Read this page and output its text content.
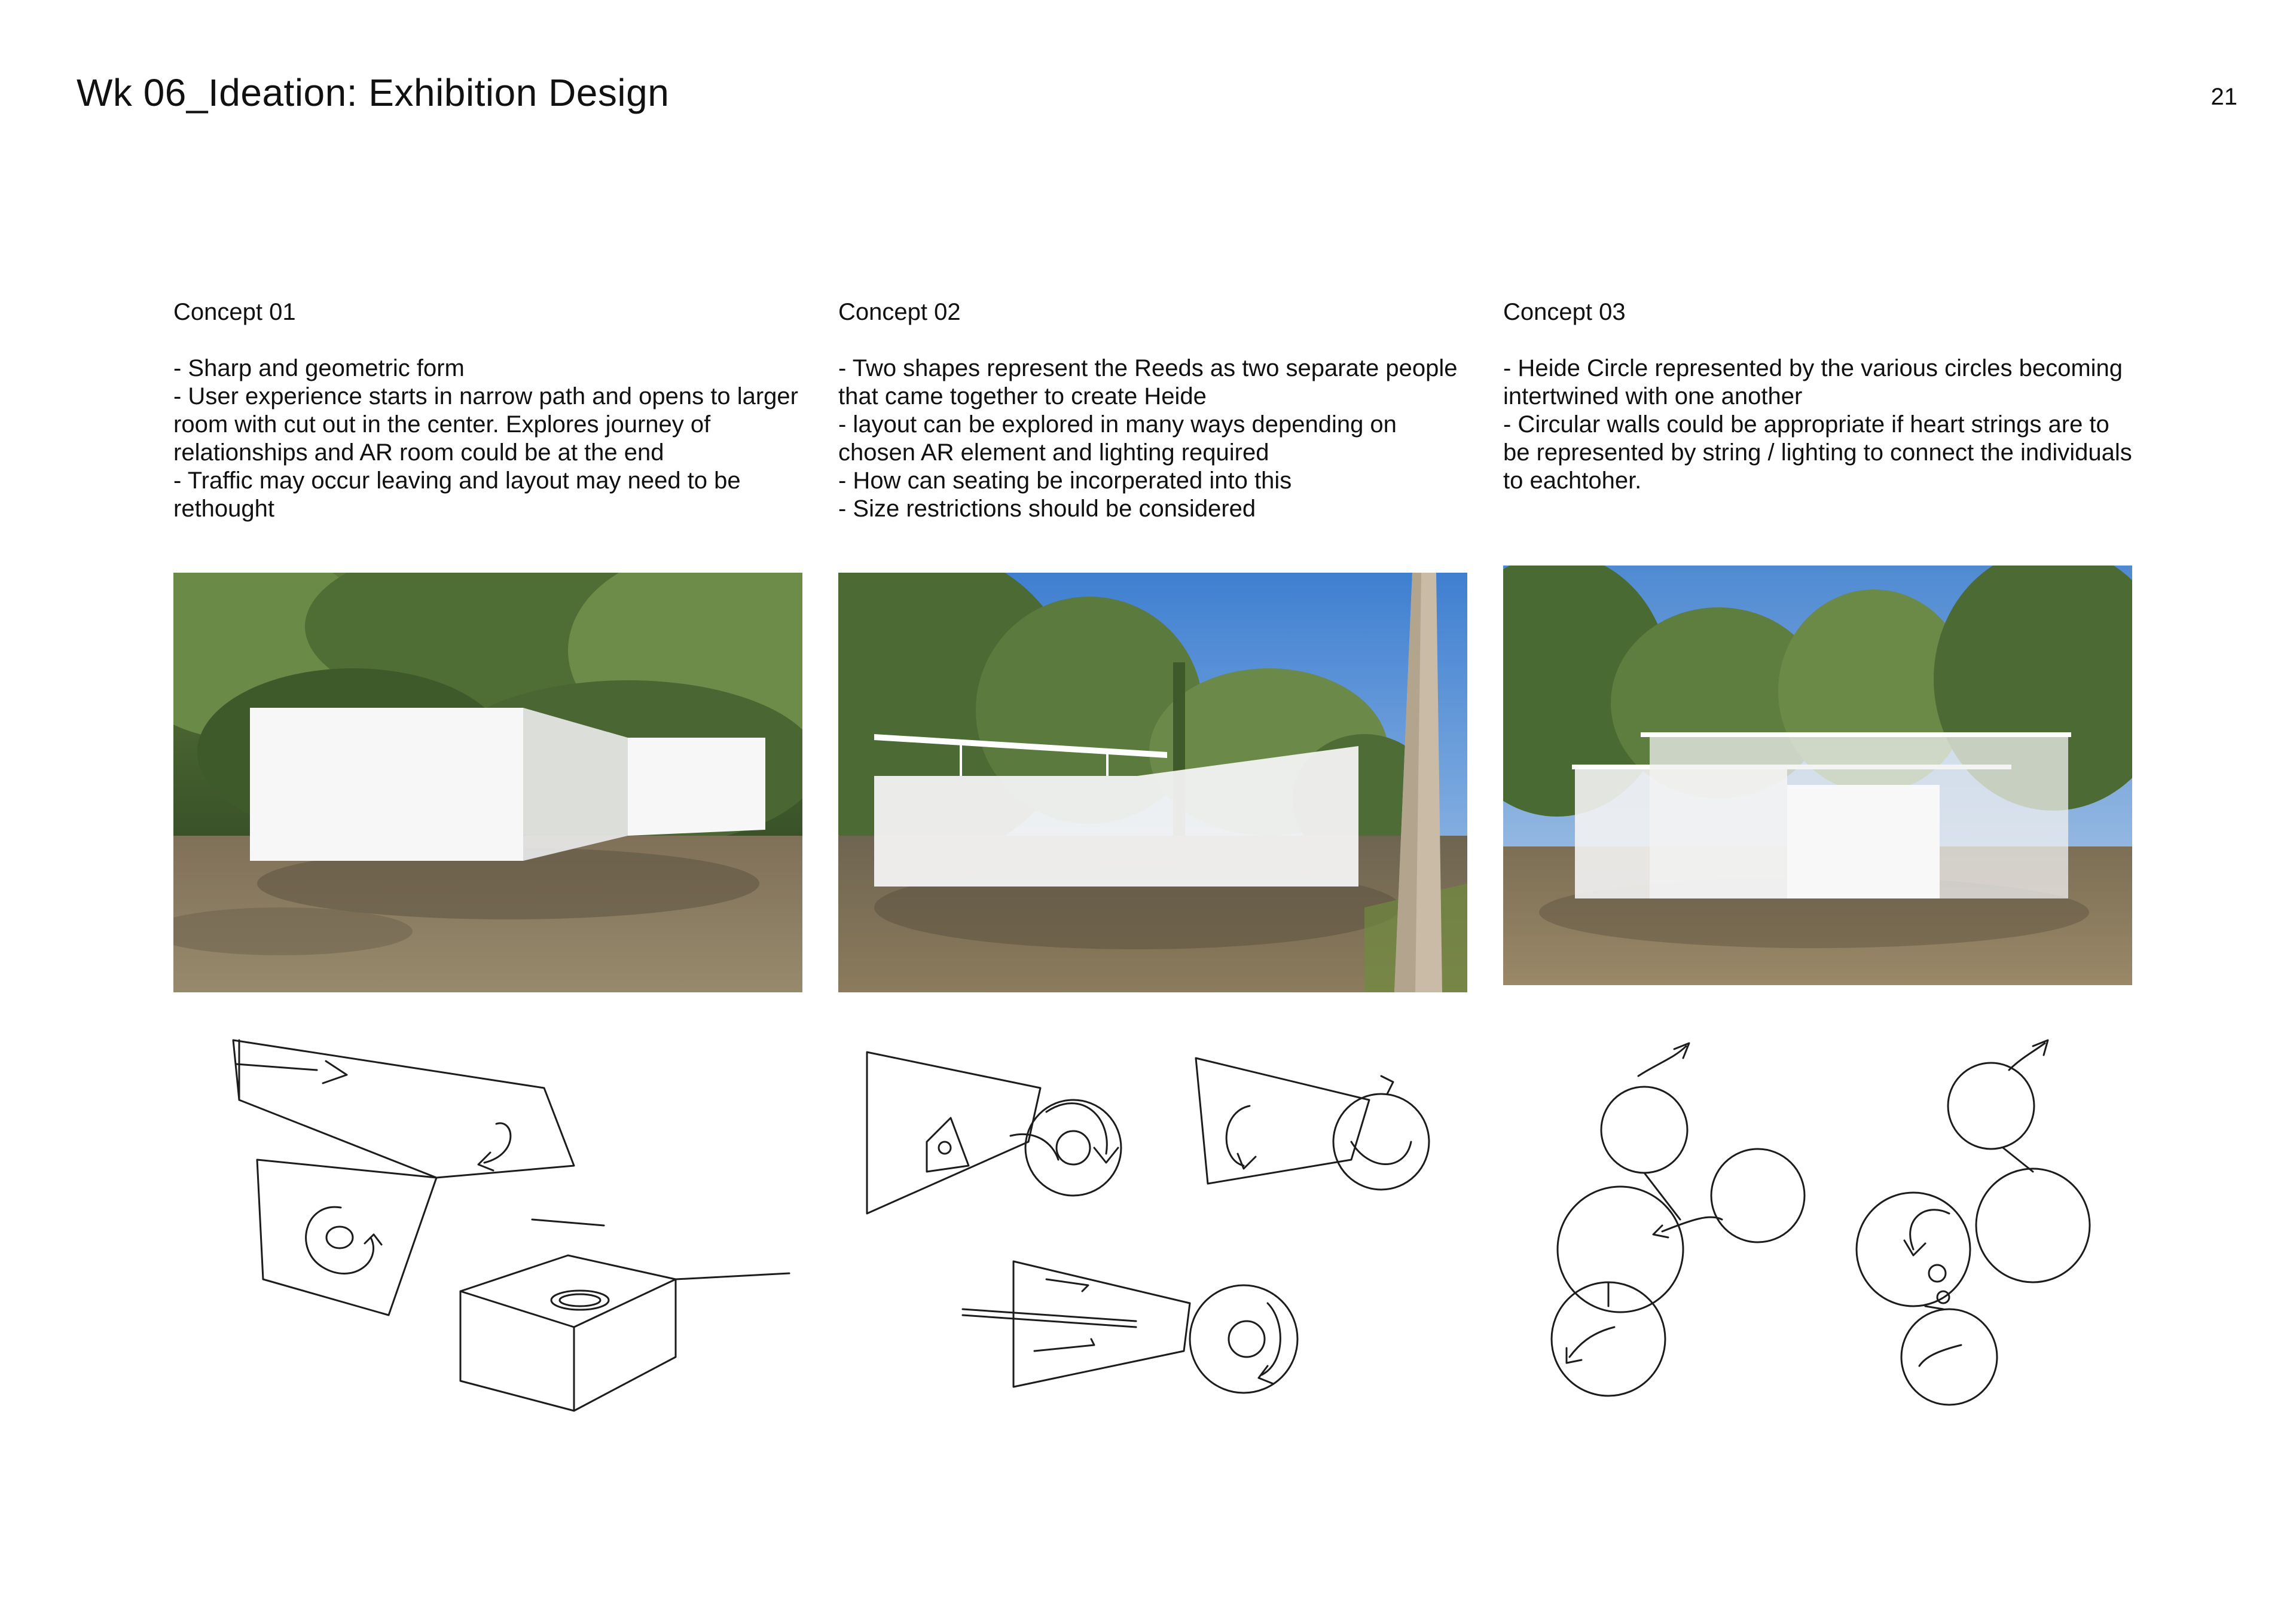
Wk 06_Ideation: Exhibition Design	21
Concept 01

- Sharp and geometric form

- User experience starts in narrow path and opens to larger room with cut out in the center. Explores journey of relationships and AR room could be at the end

- Traffic may occur leaving and layout may need to be rethought

Concept 02

- Two shapes represent the Reeds as two separate people that came together to create Heide

- layout can be explored in many ways depending on chosen AR element and lighting required

- How can seating be incorperated into this

- Size restrictions should be considered

Concept 03

- Heide Circle represented by the various circles becoming intertwined with one another

- Circular walls could be appropriate if heart strings are to be represented by string / lighting to connect the individuals to eachtoher.
